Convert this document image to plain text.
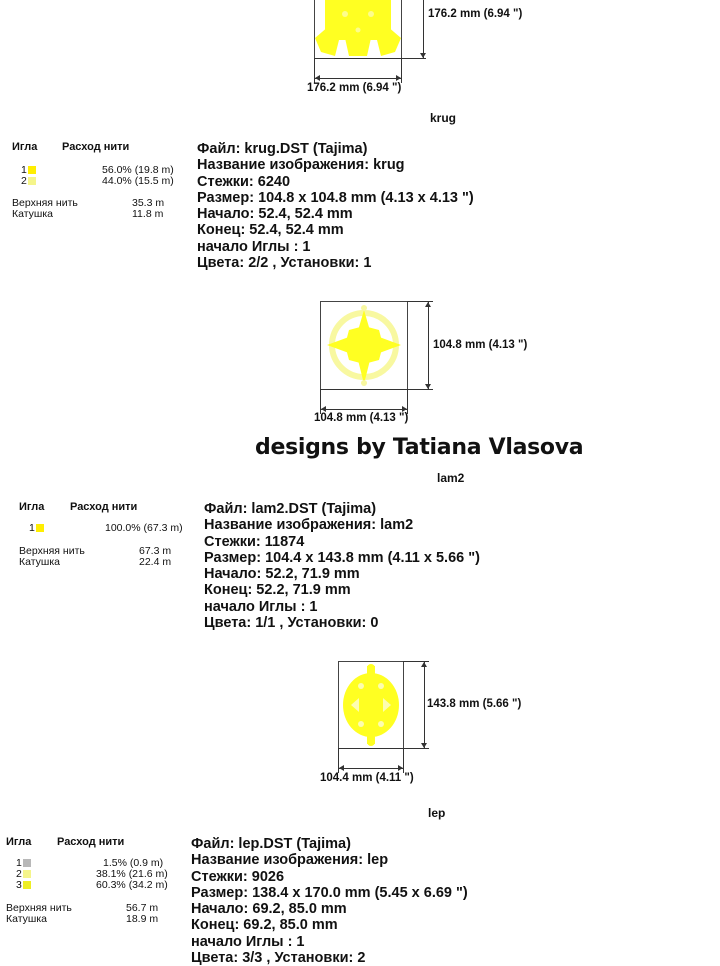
176.2 mm (6.94 ")
176.2 mm (6.94 ")
krug
Игла Расход нити
1	56.0% (19.8 m)
2	44.0% (15.5 m)
Верхняя нить	35.3 m
Катушка	11.8 m
Файл: krug.DST (Tajima)
Название изображения: krug
Стежки: 6240
Размер: 104.8 x 104.8 mm (4.13 x 4.13 ")
Начало: 52.4, 52.4 mm
Конец: 52.4, 52.4 mm
начало Иглы : 1
Цвета: 2/2 , Установки: 1
104.8 mm (4.13 ")
104.8 mm (4.13 ")
designs by Tatiana Vlasova
lam2
Игла Расход нити
1	100.0% (67.3 m)
Верхняя нить	67.3 m
Катушка	22.4 m
Файл: lam2.DST (Tajima)
Название изображения: lam2
Стежки: 11874
Размер: 104.4 x 143.8 mm (4.11 x 5.66 ")
Начало: 52.2, 71.9 mm
Конец: 52.2, 71.9 mm
начало Иглы : 1
Цвета: 1/1 , Установки: 0
143.8 mm (5.66 ")
104.4 mm (4.11 ")
lep
Игла Расход нити
1	1.5% (0.9 m)
2	38.1% (21.6 m)
3	60.3% (34.2 m)
Верхняя нить	56.7 m
Катушка	18.9 m
Файл: lep.DST (Tajima)
Название изображения: lep
Стежки: 9026
Размер: 138.4 x 170.0 mm (5.45 x 6.69 ")
Начало: 69.2, 85.0 mm
Конец: 69.2, 85.0 mm
начало Иглы : 1
Цвета: 3/3 , Установки: 2
